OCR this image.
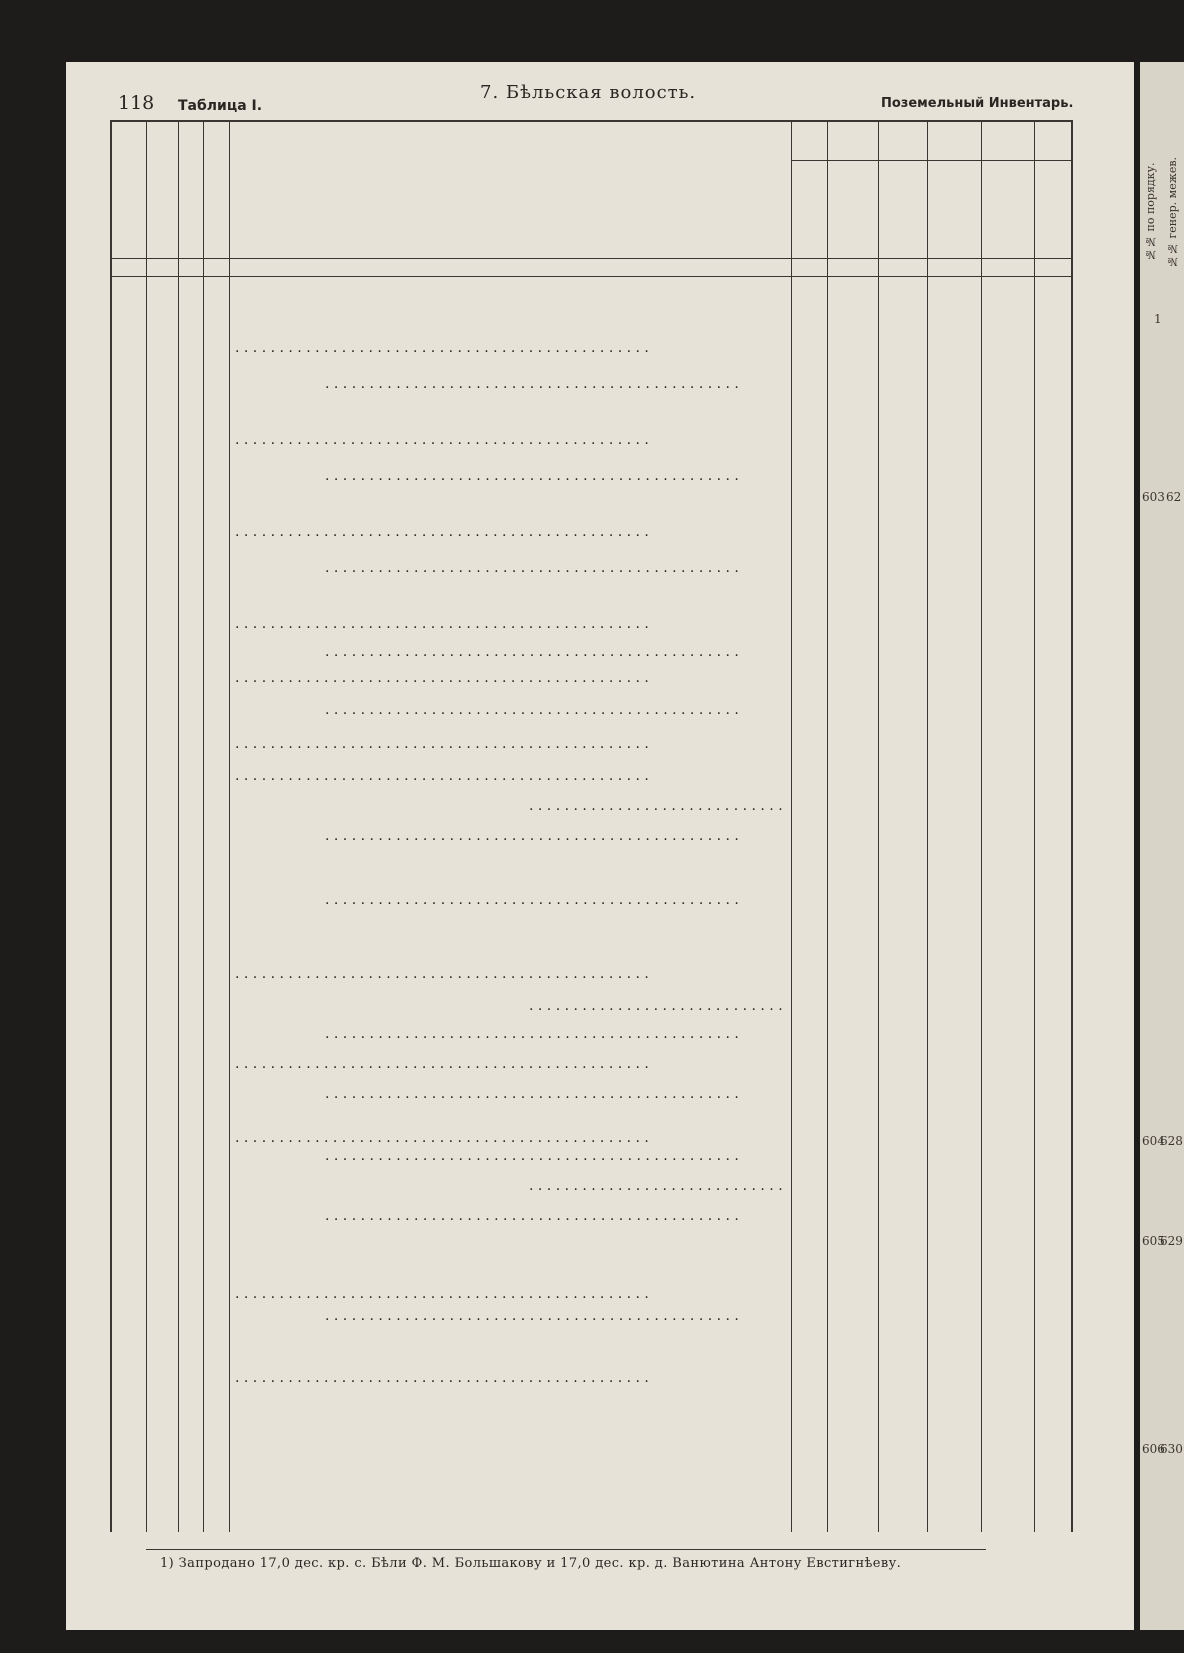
118 Таблица I.
7. Бѣльская волость.
Поземельный Инвентарь.
. . .
. . .
. . .
. . .
. . .
. . .
. . .
. . .
. . .
. . .
. . .
. . .
. . .
. . .
. . .
. . .
. . .
. . .
. . .
. . .
. . .
. . .
. . .
. . .
. . .
. . .
. . .
1) Запродано 17,0 дес. кр. с. Бѣли Ф. М. Большакову и 17,0 дес. кр. д. Ванютина Антону Евстигнѣеву.
№№ по порядку. №№ генер. межев.
1
603 62
604
628
605
629
606
630
